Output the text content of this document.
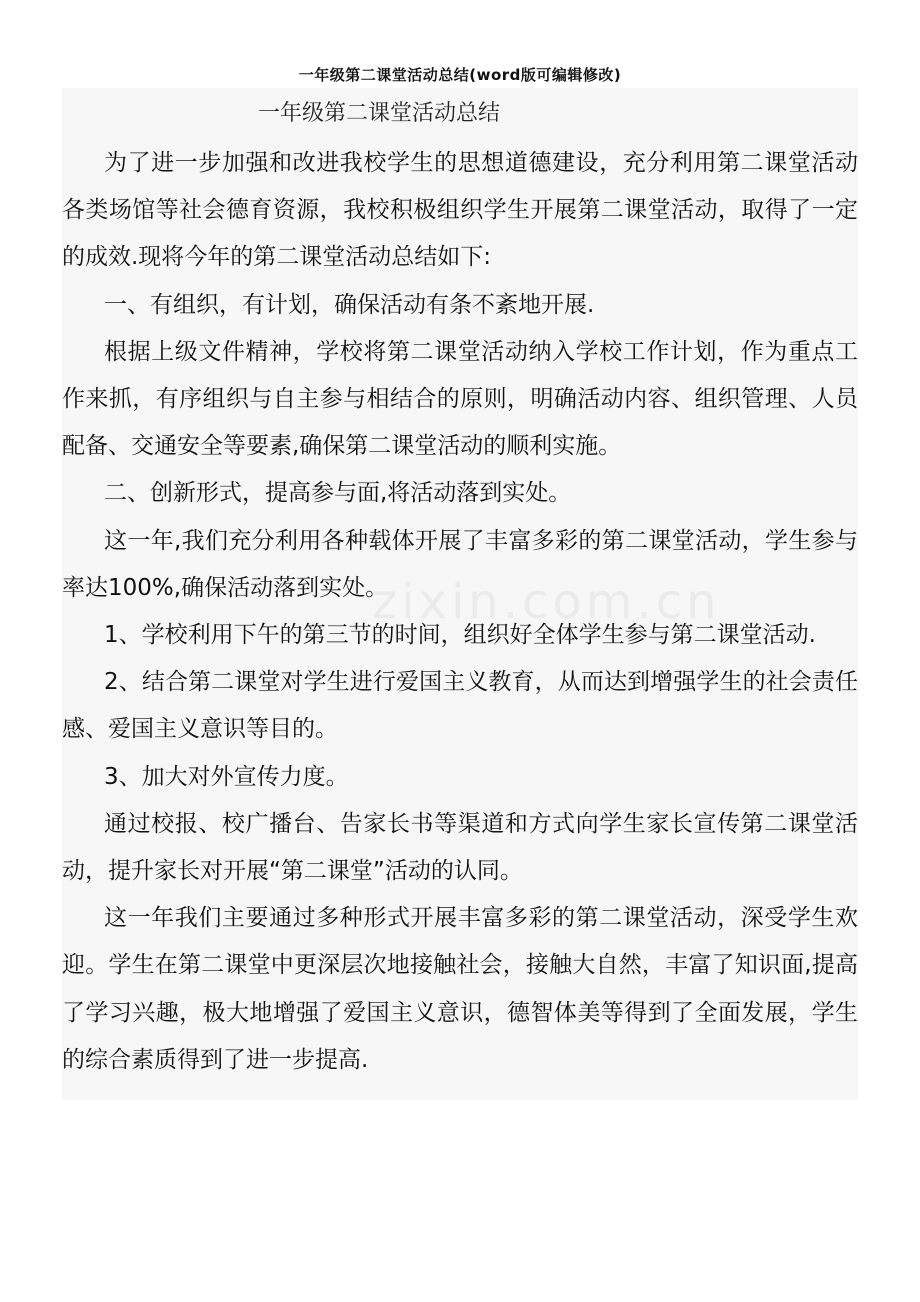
一年级第二课堂活动总结(word版可编辑修改)
一年级第二课堂活动总结

为了进一步加强和改进我校学生的思想道德建设，充分利用第二课堂活动各类场馆等社会德育资源，我校积极组织学生开展第二课堂活动，取得了一定的成效.现将今年的第二课堂活动总结如下:

一、有组织，有计划，确保活动有条不紊地开展.

根据上级文件精神，学校将第二课堂活动纳入学校工作计划，作为重点工作来抓，有序组织与自主参与相结合的原则，明确活动内容、组织管理、人员配备、交通安全等要素,确保第二课堂活动的顺利实施。

二、创新形式，提高参与面,将活动落到实处。

这一年,我们充分利用各种载体开展了丰富多彩的第二课堂活动，学生参与率达100%,确保活动落到实处。

1、学校利用下午的第三节的时间，组织好全体学生参与第二课堂活动.

2、结合第二课堂对学生进行爱国主义教育，从而达到增强学生的社会责任感、爱国主义意识等目的。

3、加大对外宣传力度。

通过校报、校广播台、告家长书等渠道和方式向学生家长宣传第二课堂活动，提升家长对开展“第二课堂”活动的认同。

这一年我们主要通过多种形式开展丰富多彩的第二课堂活动，深受学生欢迎。学生在第二课堂中更深层次地接触社会，接触大自然，丰富了知识面,提高了学习兴趣，极大地增强了爱国主义意识，德智体美等得到了全面发展，学生的综合素质得到了进一步提高.

zixin.com.cn
